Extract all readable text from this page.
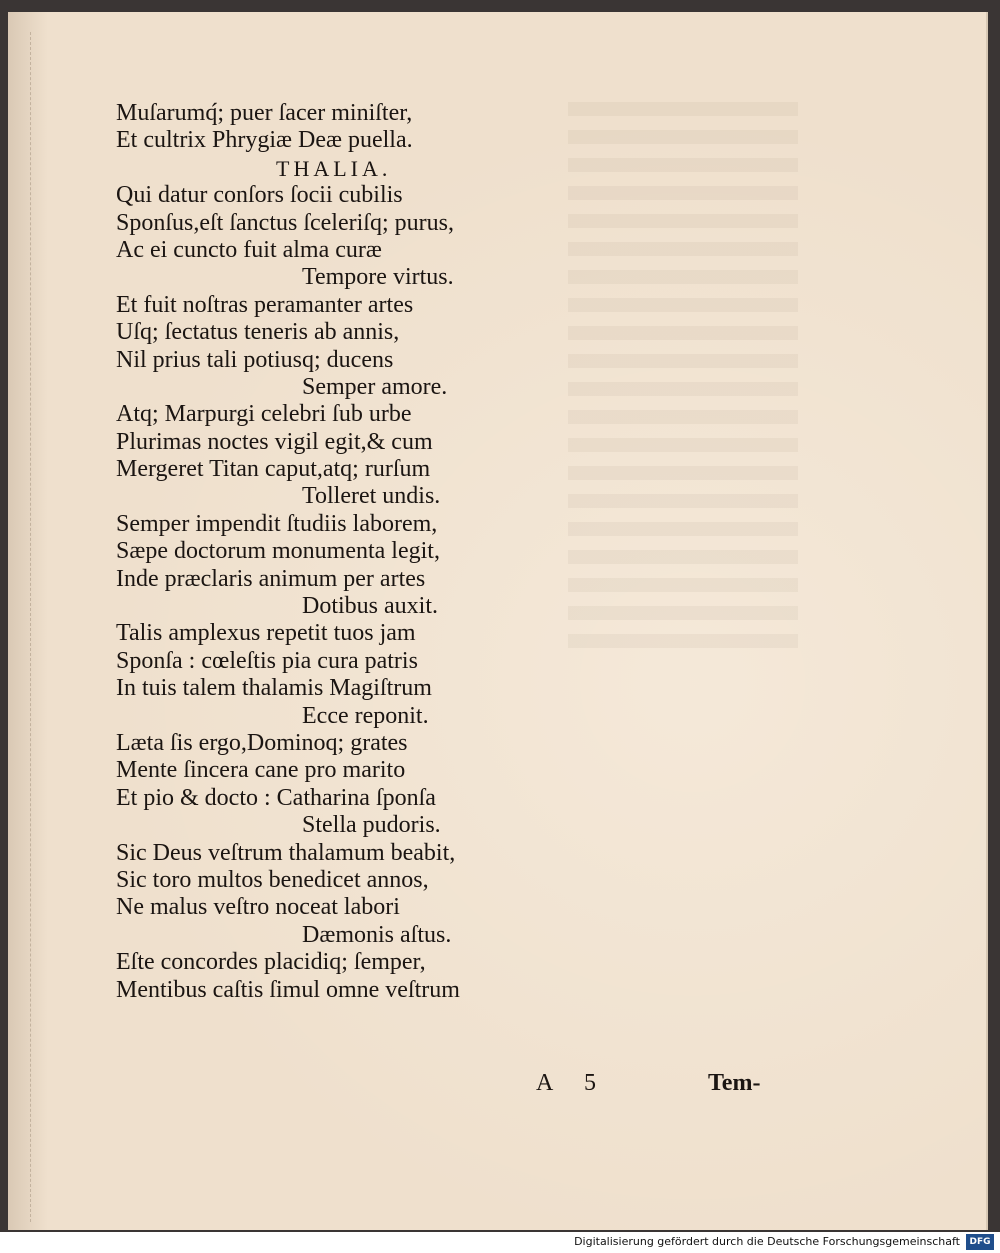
Muſarumq́; puer ſacer miniſter,
Et cultrix Phrygiæ Deæ puella.
THALIA.
Qui datur conſors ſocii cubilis
Sponſus,eſt ſanctus ſceleriſq; purus,
Ac ei cuncto fuit alma curæ
Tempore virtus.
Et fuit noſtras peramanter artes
Uſq; ſectatus teneris ab annis,
Nil prius tali potiusq; ducens
Semper amore.
Atq; Marpurgi celebri ſub urbe
Plurimas noctes vigil egit,& cum
Mergeret Titan caput,atq; rurſum
Tolleret undis.
Semper impendit ſtudiis laborem,
Sæpe doctorum monumenta legit,
Inde præclaris animum per artes
Dotibus auxit.
Talis amplexus repetit tuos jam
Sponſa : cœleſtis pia cura patris
In tuis talem thalamis Magiſtrum
Ecce reponit.
Læta ſis ergo,Dominoq; grates
Mente ſincera cane pro marito
Et pio & docto : Catharina ſponſa
Stella pudoris.
Sic Deus veſtrum thalamum beabit,
Sic toro multos benedicet annos,
Ne malus veſtro noceat labori
Dæmonis aſtus.
Eſte concordes placidiq; ſemper,
Mentibus caſtis ſimul omne veſtrum
A 5	Tem-
Digitalisierung gefördert durch die Deutsche Forschungsgemeinschaft	DFG
